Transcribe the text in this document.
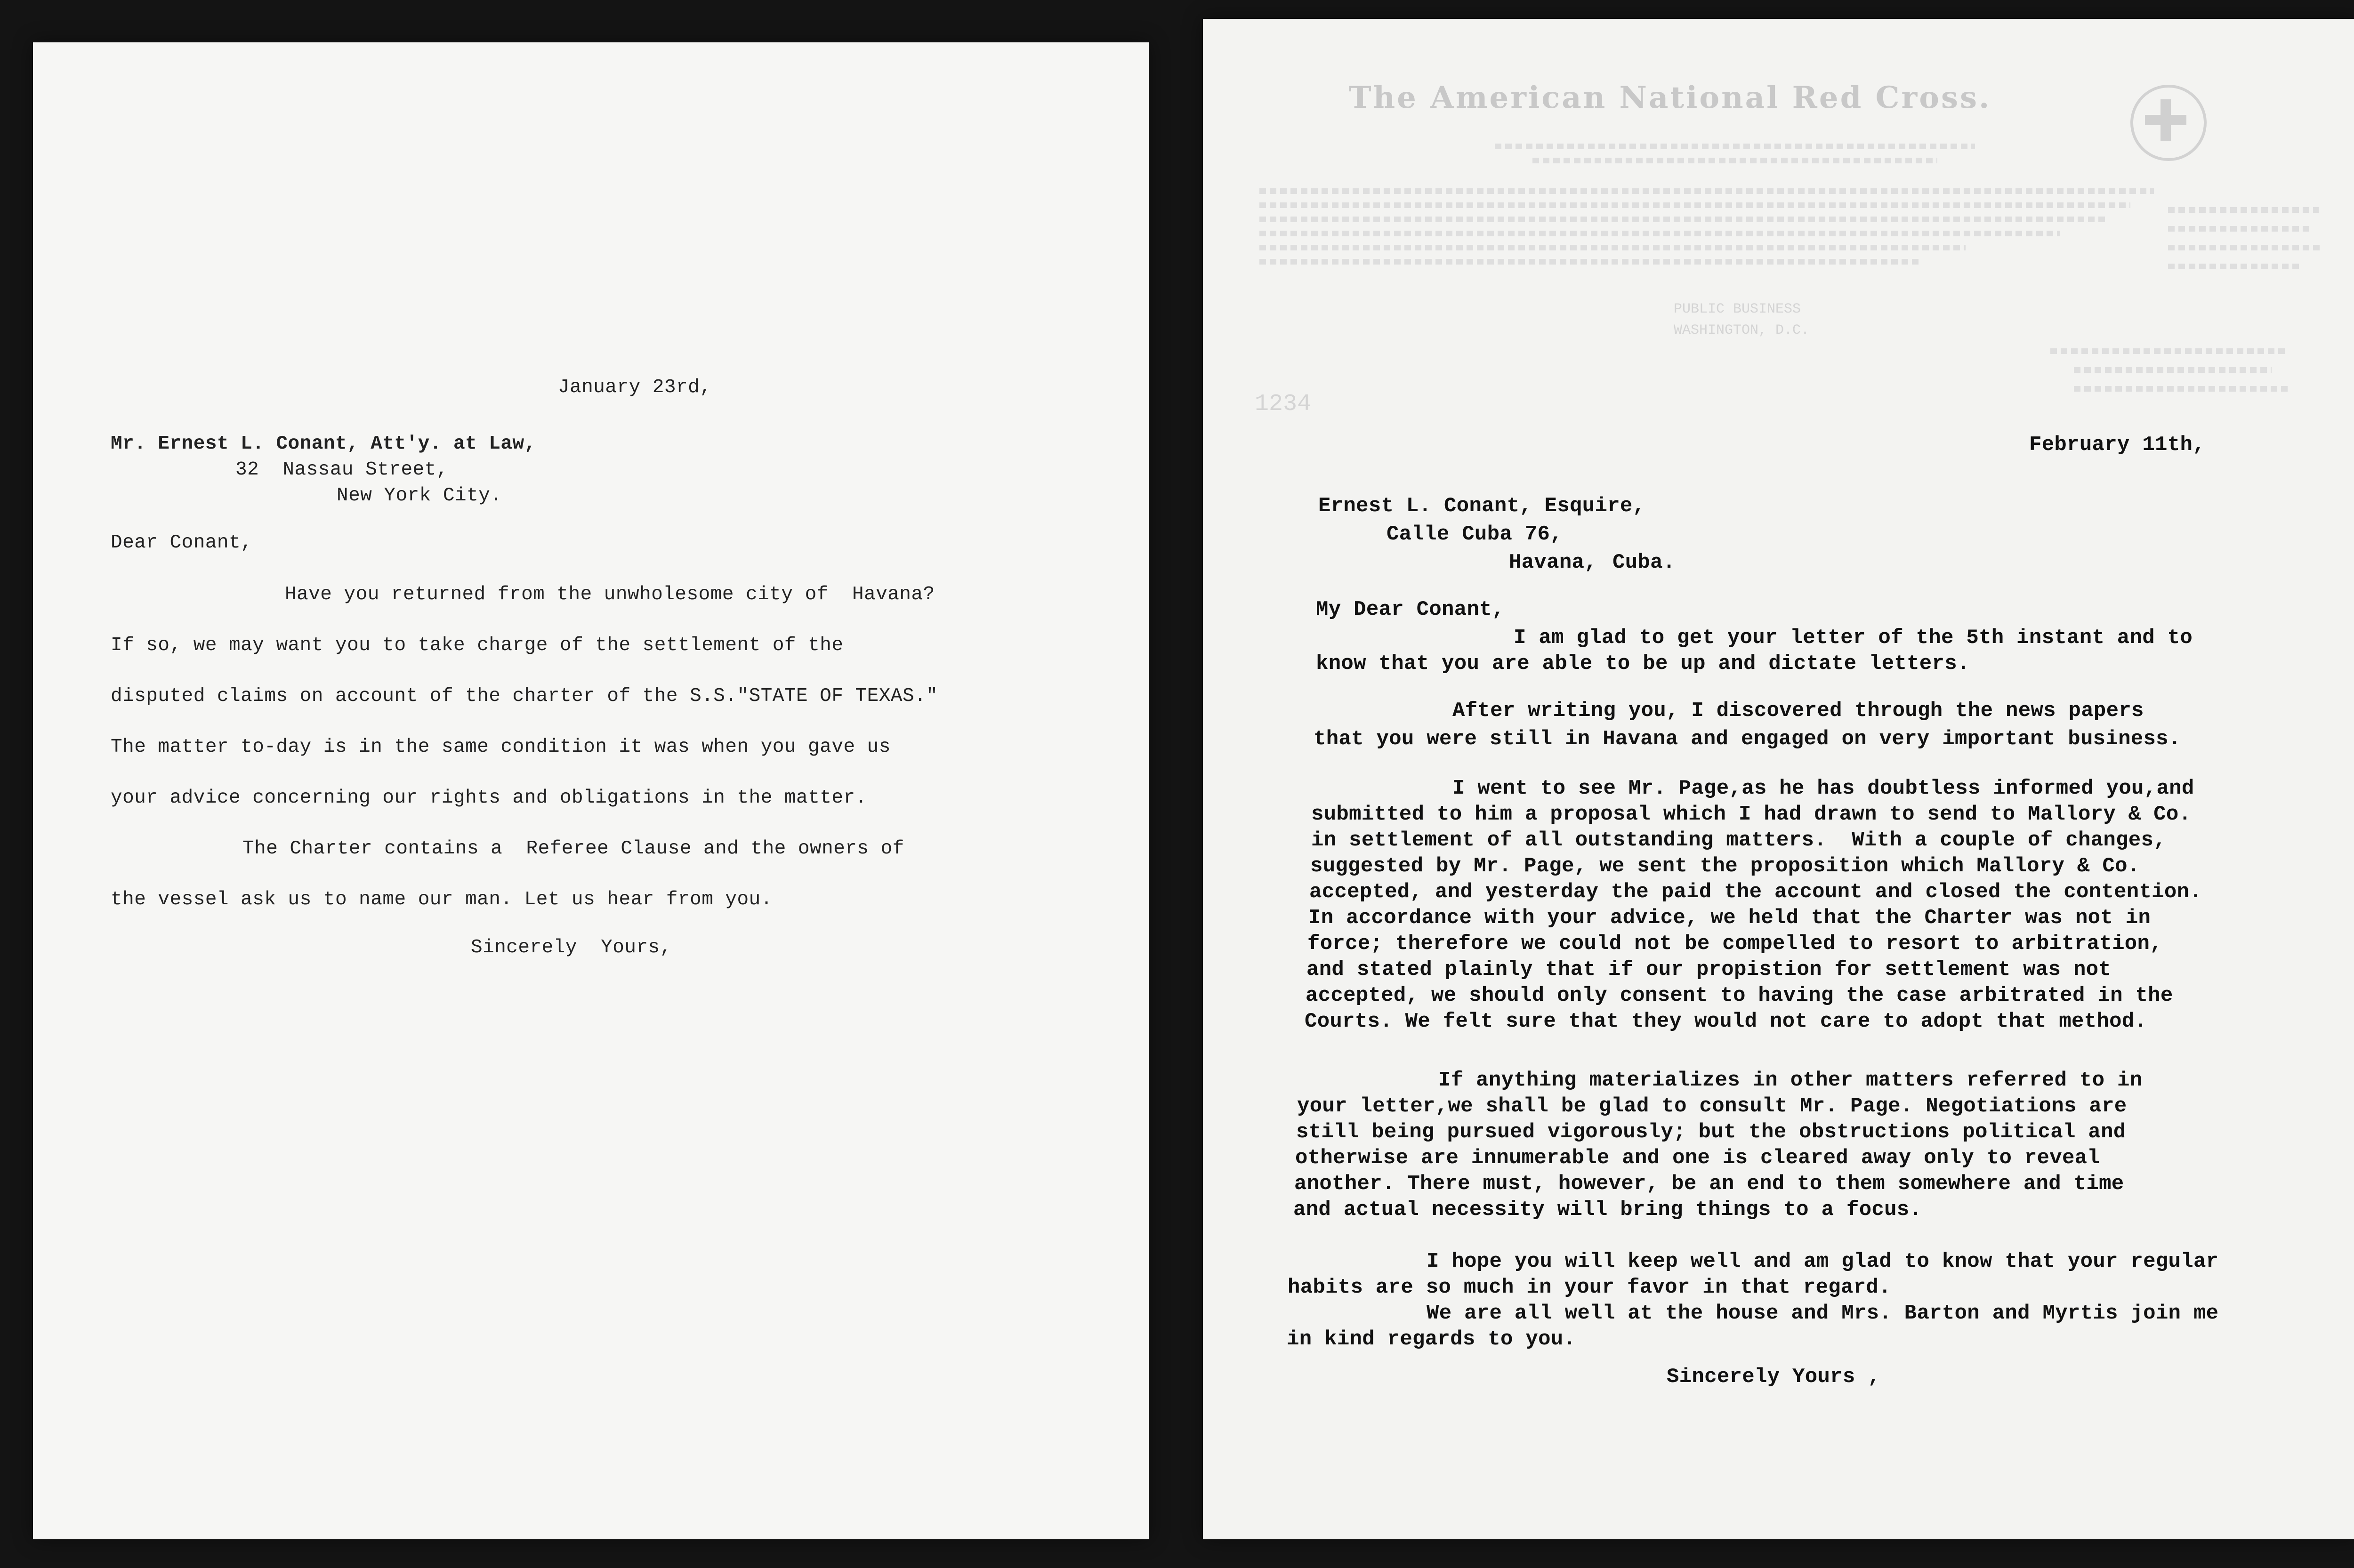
January 23rd,
Mr. Ernest L. Conant, Att'y. at Law,
32  Nassau Street,
New York City.
Dear Conant,
Have you returned from the unwholesome city of  Havana?
If so, we may want you to take charge of the settlement of the
disputed claims on account of the charter of the S.S."STATE OF TEXAS."
The matter to-day is in the same condition it was when you gave us
your advice concerning our rights and obligations in the matter.
The Charter contains a  Referee Clause and the owners of
the vessel ask us to name our man. Let us hear from you.
Sincerely  Yours,
The American National Red Cross.
PUBLIC BUSINESS
WASHINGTON, D.C.
1234
February 11th,
Ernest L. Conant, Esquire,
Calle Cuba 76,
Havana, Cuba.
My Dear Conant,
I am glad to get your letter of the 5th instant and to
know that you are able to be up and dictate letters.
After writing you, I discovered through the news papers
that you were still in Havana and engaged on very important business.
I went to see Mr. Page,as he has doubtless informed you,and
submitted to him a proposal which I had drawn to send to Mallory & Co.
in settlement of all outstanding matters.  With a couple of changes,
suggested by Mr. Page, we sent the proposition which Mallory & Co.
accepted, and yesterday the paid the account and closed the contention.
In accordance with your advice, we held that the Charter was not in
force; therefore we could not be compelled to resort to arbitration,
and stated plainly that if our propistion for settlement was not
accepted, we should only consent to having the case arbitrated in the
Courts. We felt sure that they would not care to adopt that method.
If anything materializes in other matters referred to in
your letter,we shall be glad to consult Mr. Page. Negotiations are
still being pursued vigorously; but the obstructions political and
otherwise are innumerable and one is cleared away only to reveal
another. There must, however, be an end to them somewhere and time
and actual necessity will bring things to a focus.
I hope you will keep well and am glad to know that your regular
habits are so much in your favor in that regard.
We are all well at the house and Mrs. Barton and Myrtis join me
in kind regards to you.
Sincerely Yours ,
